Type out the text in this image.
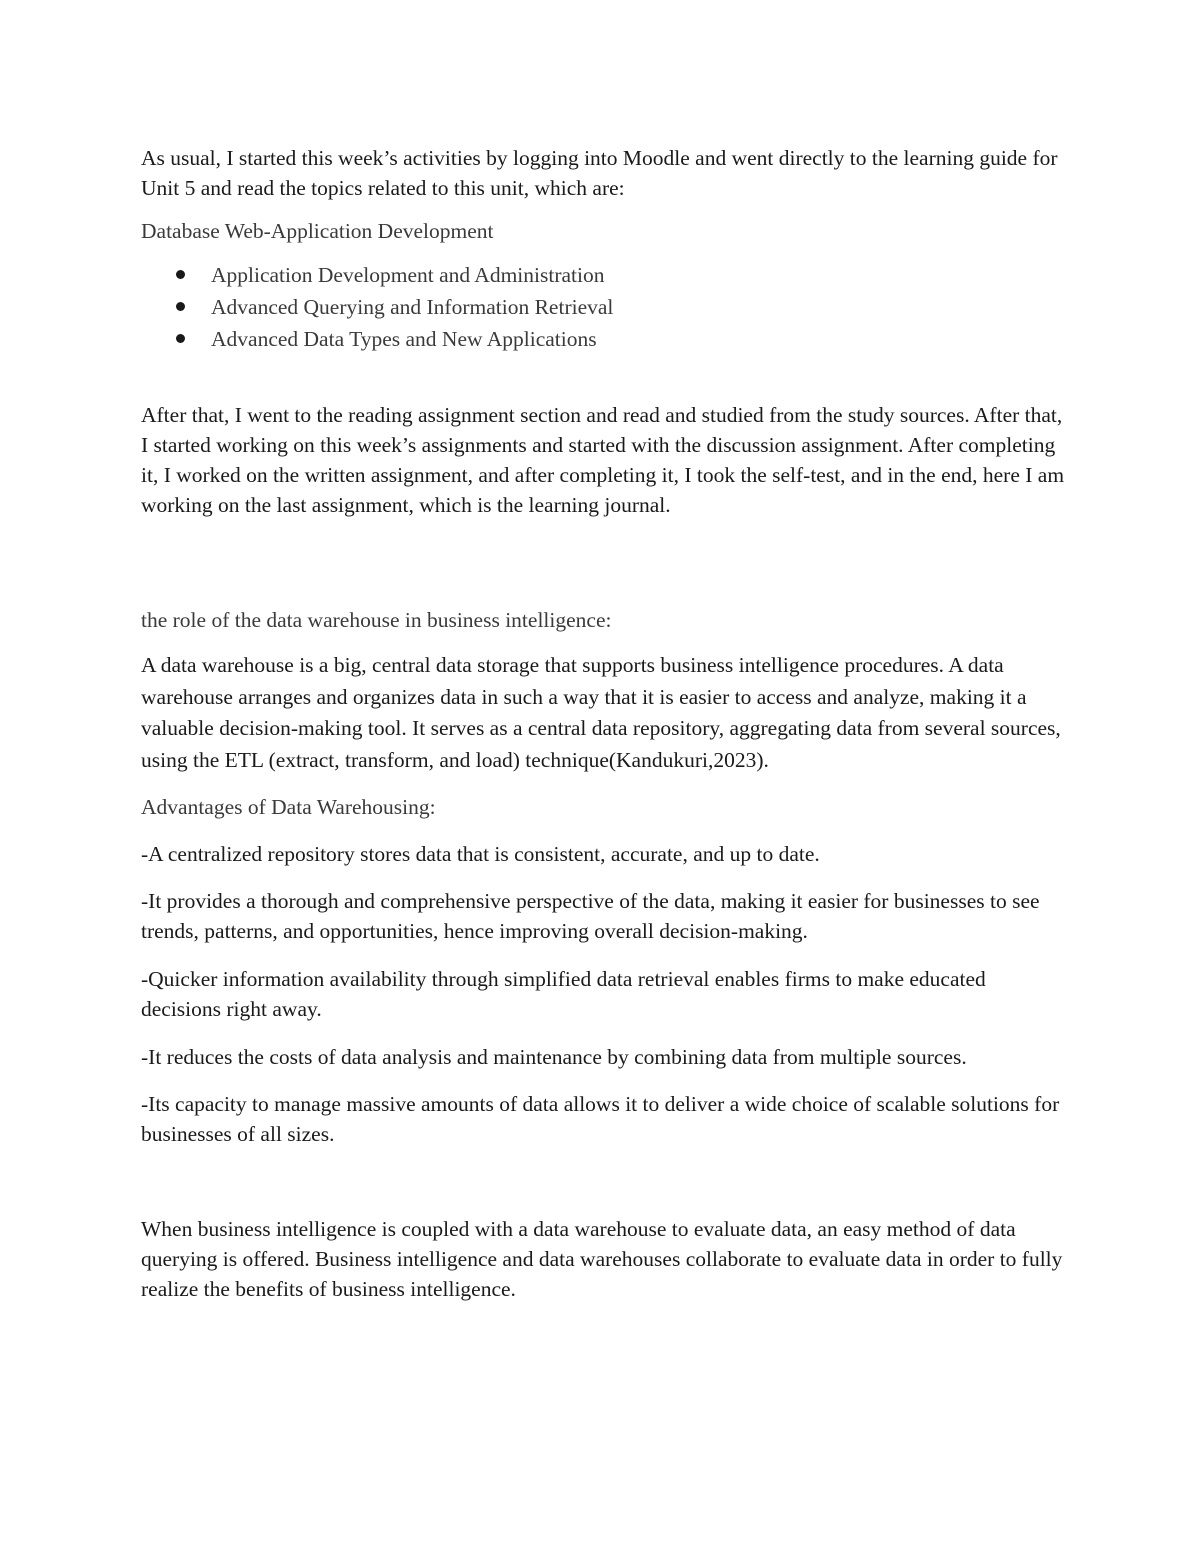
As usual, I started this week’s activities by logging into Moodle and went directly to the learning guide for Unit 5 and read the topics related to this unit, which are:

Database Web-Application Development

Application Development and Administration
Advanced Querying and Information Retrieval
Advanced Data Types and New Applications

After that, I went to the reading assignment section and read and studied from the study sources. After that, I started working on this week’s assignments and started with the discussion assignment. After completing it, I worked on the written assignment, and after completing it, I took the self-test, and in the end, here I am working on the last assignment, which is the learning journal.

the role of the data warehouse in business intelligence:

A data warehouse is a big, central data storage that supports business intelligence procedures. A data warehouse arranges and organizes data in such a way that it is easier to access and analyze, making it a valuable decision-making tool. It serves as a central data repository, aggregating data from several sources, using the ETL (extract, transform, and load) technique(Kandukuri,2023).

Advantages of Data Warehousing:

-A centralized repository stores data that is consistent, accurate, and up to date.

-It provides a thorough and comprehensive perspective of the data, making it easier for businesses to see trends, patterns, and opportunities, hence improving overall decision-making.

-Quicker information availability through simplified data retrieval enables firms to make educated decisions right away.

-It reduces the costs of data analysis and maintenance by combining data from multiple sources.

-Its capacity to manage massive amounts of data allows it to deliver a wide choice of scalable solutions for businesses of all sizes.

When business intelligence is coupled with a data warehouse to evaluate data, an easy method of data querying is offered. Business intelligence and data warehouses collaborate to evaluate data in order to fully realize the benefits of business intelligence.
